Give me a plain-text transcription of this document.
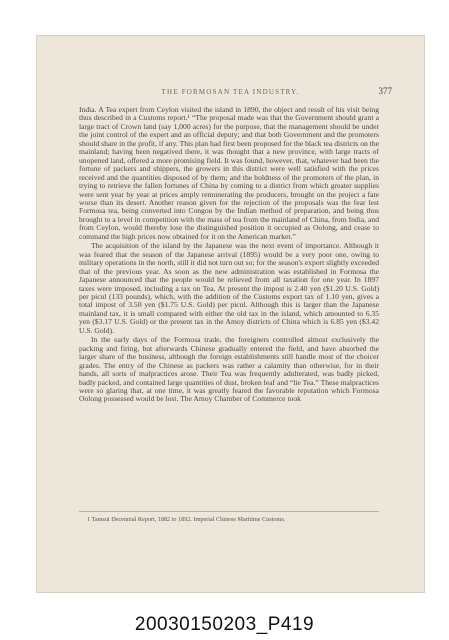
THE FORMOSAN TEA INDUSTRY.	377

India. A Tea expert from Ceylon visited the island in 1890, the object and result of his visit being thus described in a Customs report.¹ “The proposal made was that the Government should grant a large tract of Crown land (say 1,000 acres) for the purpose, that the management should be under the joint control of the expert and an official deputy; and that both Government and the promoters should share in the profit, if any. This plan had first been proposed for the black tea districts on the mainland; having been negatived there, it was thought that a new province, with large tracts of unopened land, offered a more promising field. It was found, however, that, whatever had been the fortune of packers and shippers, the growers in this district were well satisfied with the prices received and the quantities disposed of by them; and the boldness of the promoters of the plan, in trying to retrieve the fallen fortunes of China by coming to a district from which greater supplies were sent year by year at prices amply remunerating the producers, brought on the project a fate worse than its desert. Another reason given for the rejection of the proposals was the fear lest Formosa tea, being converted into Congou by the Indian method of preparation, and being thus brought to a level in competition with the mass of tea from the mainland of China, from India, and from Ceylon, would thereby lose the distinguished position it occupied as Oolong, and cease to command the high prices now obtained for it on the American market.”

The acquisition of the island by the Japanese was the next event of importance. Although it was feared that the season of the Japanese arrival (1895) would be a very poor one, owing to military operations in the north, still it did not turn out so; for the season's export slightly exceeded that of the previous year. As soon as the new administration was established in Formosa the Japanese announced that the people would be relieved from all taxation for one year. In 1897 taxes were imposed, including a tax on Tea. At present the impost is 2.40 yen ($1.20 U.S. Gold) per picul (133 pounds), which, with the addition of the Customs export tax of 1.10 yen, gives a total impost of 3.50 yen ($1.75 U.S. Gold) per picul. Although this is larger than the Japanese mainland tax, it is small compared with either the old tax in the island, which amounted to 6.35 yen ($3.17 U.S. Gold) or the present tax in the Amoy districts of China which is 6.85 yen ($3.42 U.S. Gold).

In the early days of the Formosa trade, the foreigners controlled almost exclusively the packing and firing, but afterwards Chinese gradually entered the field, and have absorbed the larger share of the business, although the foreign establishments still handle most of the choicer grades. The entry of the Chinese as packers was rather a calamity than otherwise, for in their hands, all sorts of malpractices arose. Their Tea was frequently adulterated, was badly picked, badly packed, and contained large quantities of dust, broken leaf and “lie Tea.” These malpractices were so glaring that, at one time, it was greatly feared the favorable reputation which Formosa Oolong possessed would be lost. The Amoy Chamber of Commerce took

1 Tamsui Decennial Report, 1882 to 1892. Imperial Chinese Maritime Customs.
20030150203_P419
